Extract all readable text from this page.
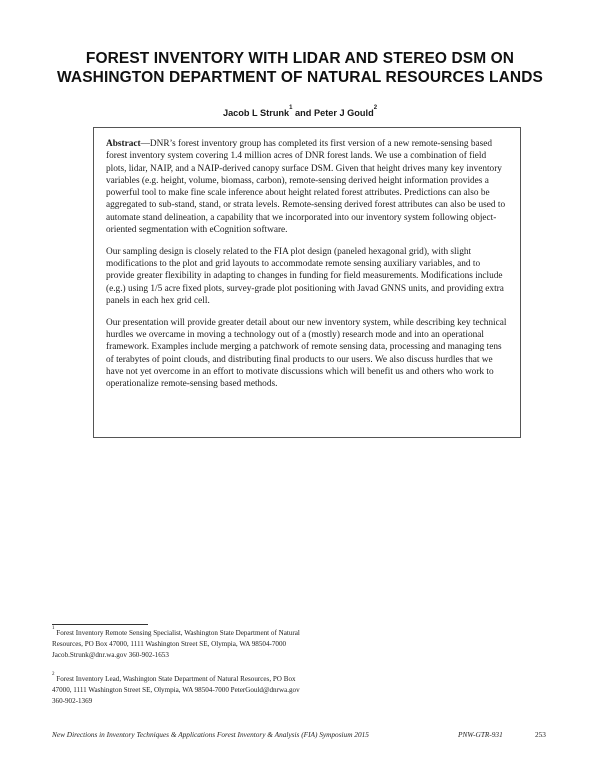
FOREST INVENTORY WITH LIDAR AND STEREO DSM ON
WASHINGTON DEPARTMENT OF NATURAL RESOURCES LANDS
Jacob L Strunk$^1$ and Peter J Gould$^2$

Abstract—DNR’s forest inventory group has completed its first version of a new remote-sensing based forest inventory system covering 1.4 million acres of DNR forest lands. We use a combination of field plots, lidar, NAIP, and a NAIP-derived canopy surface DSM. Given that height drives many key inventory variables (e.g. height, volume, biomass, carbon), remote-sensing derived height information provides a powerful tool to make fine scale inference about height related forest attributes. Predictions can also be aggregated to sub-stand, stand, or strata levels. Remote-sensing derived forest attributes can also be used to automate stand delineation, a capability that we incorporated into our inventory system following object-oriented segmentation with eCognition software.

Our sampling design is closely related to the FIA plot design (paneled hexagonal grid), with slight modifications to the plot and grid layouts to accommodate remote sensing auxiliary variables, and to provide greater flexibility in adapting to changes in funding for field measurements. Modifications include (e.g.) using 1/5 acre fixed plots, survey-grade plot positioning with Javad GNNS units, and providing extra panels in each hex grid cell.

Our presentation will provide greater detail about our new inventory system, while describing key technical hurdles we overcame in moving a technology out of a (mostly) research mode and into an operational framework. Examples include merging a patchwork of remote sensing data, processing and managing tens of terabytes of point clouds, and distributing final products to our users. We also discuss hurdles that we have not yet overcome in an effort to motivate discussions which will benefit us and others who work to operationalize remote-sensing based methods.

$^1$ Forest Inventory Remote Sensing Specialist, Washington State Department of Natural Resources, PO Box 47000, 1111 Washington Street SE, Olympia, WA 98504-7000 Jacob.Strunk@dnr.wa.gov 360-902-1653
$^2$ Forest Inventory Lead, Washington State Department of Natural Resources, PO Box 47000, 1111 Washington Street SE, Olympia, WA 98504-7000 PeterGould@dnrwa.gov 360-902-1369
New Directions in Inventory Techniques & Applications Forest Inventory & Analysis (FIA) Symposium 2015	PNW-GTR-931	253
